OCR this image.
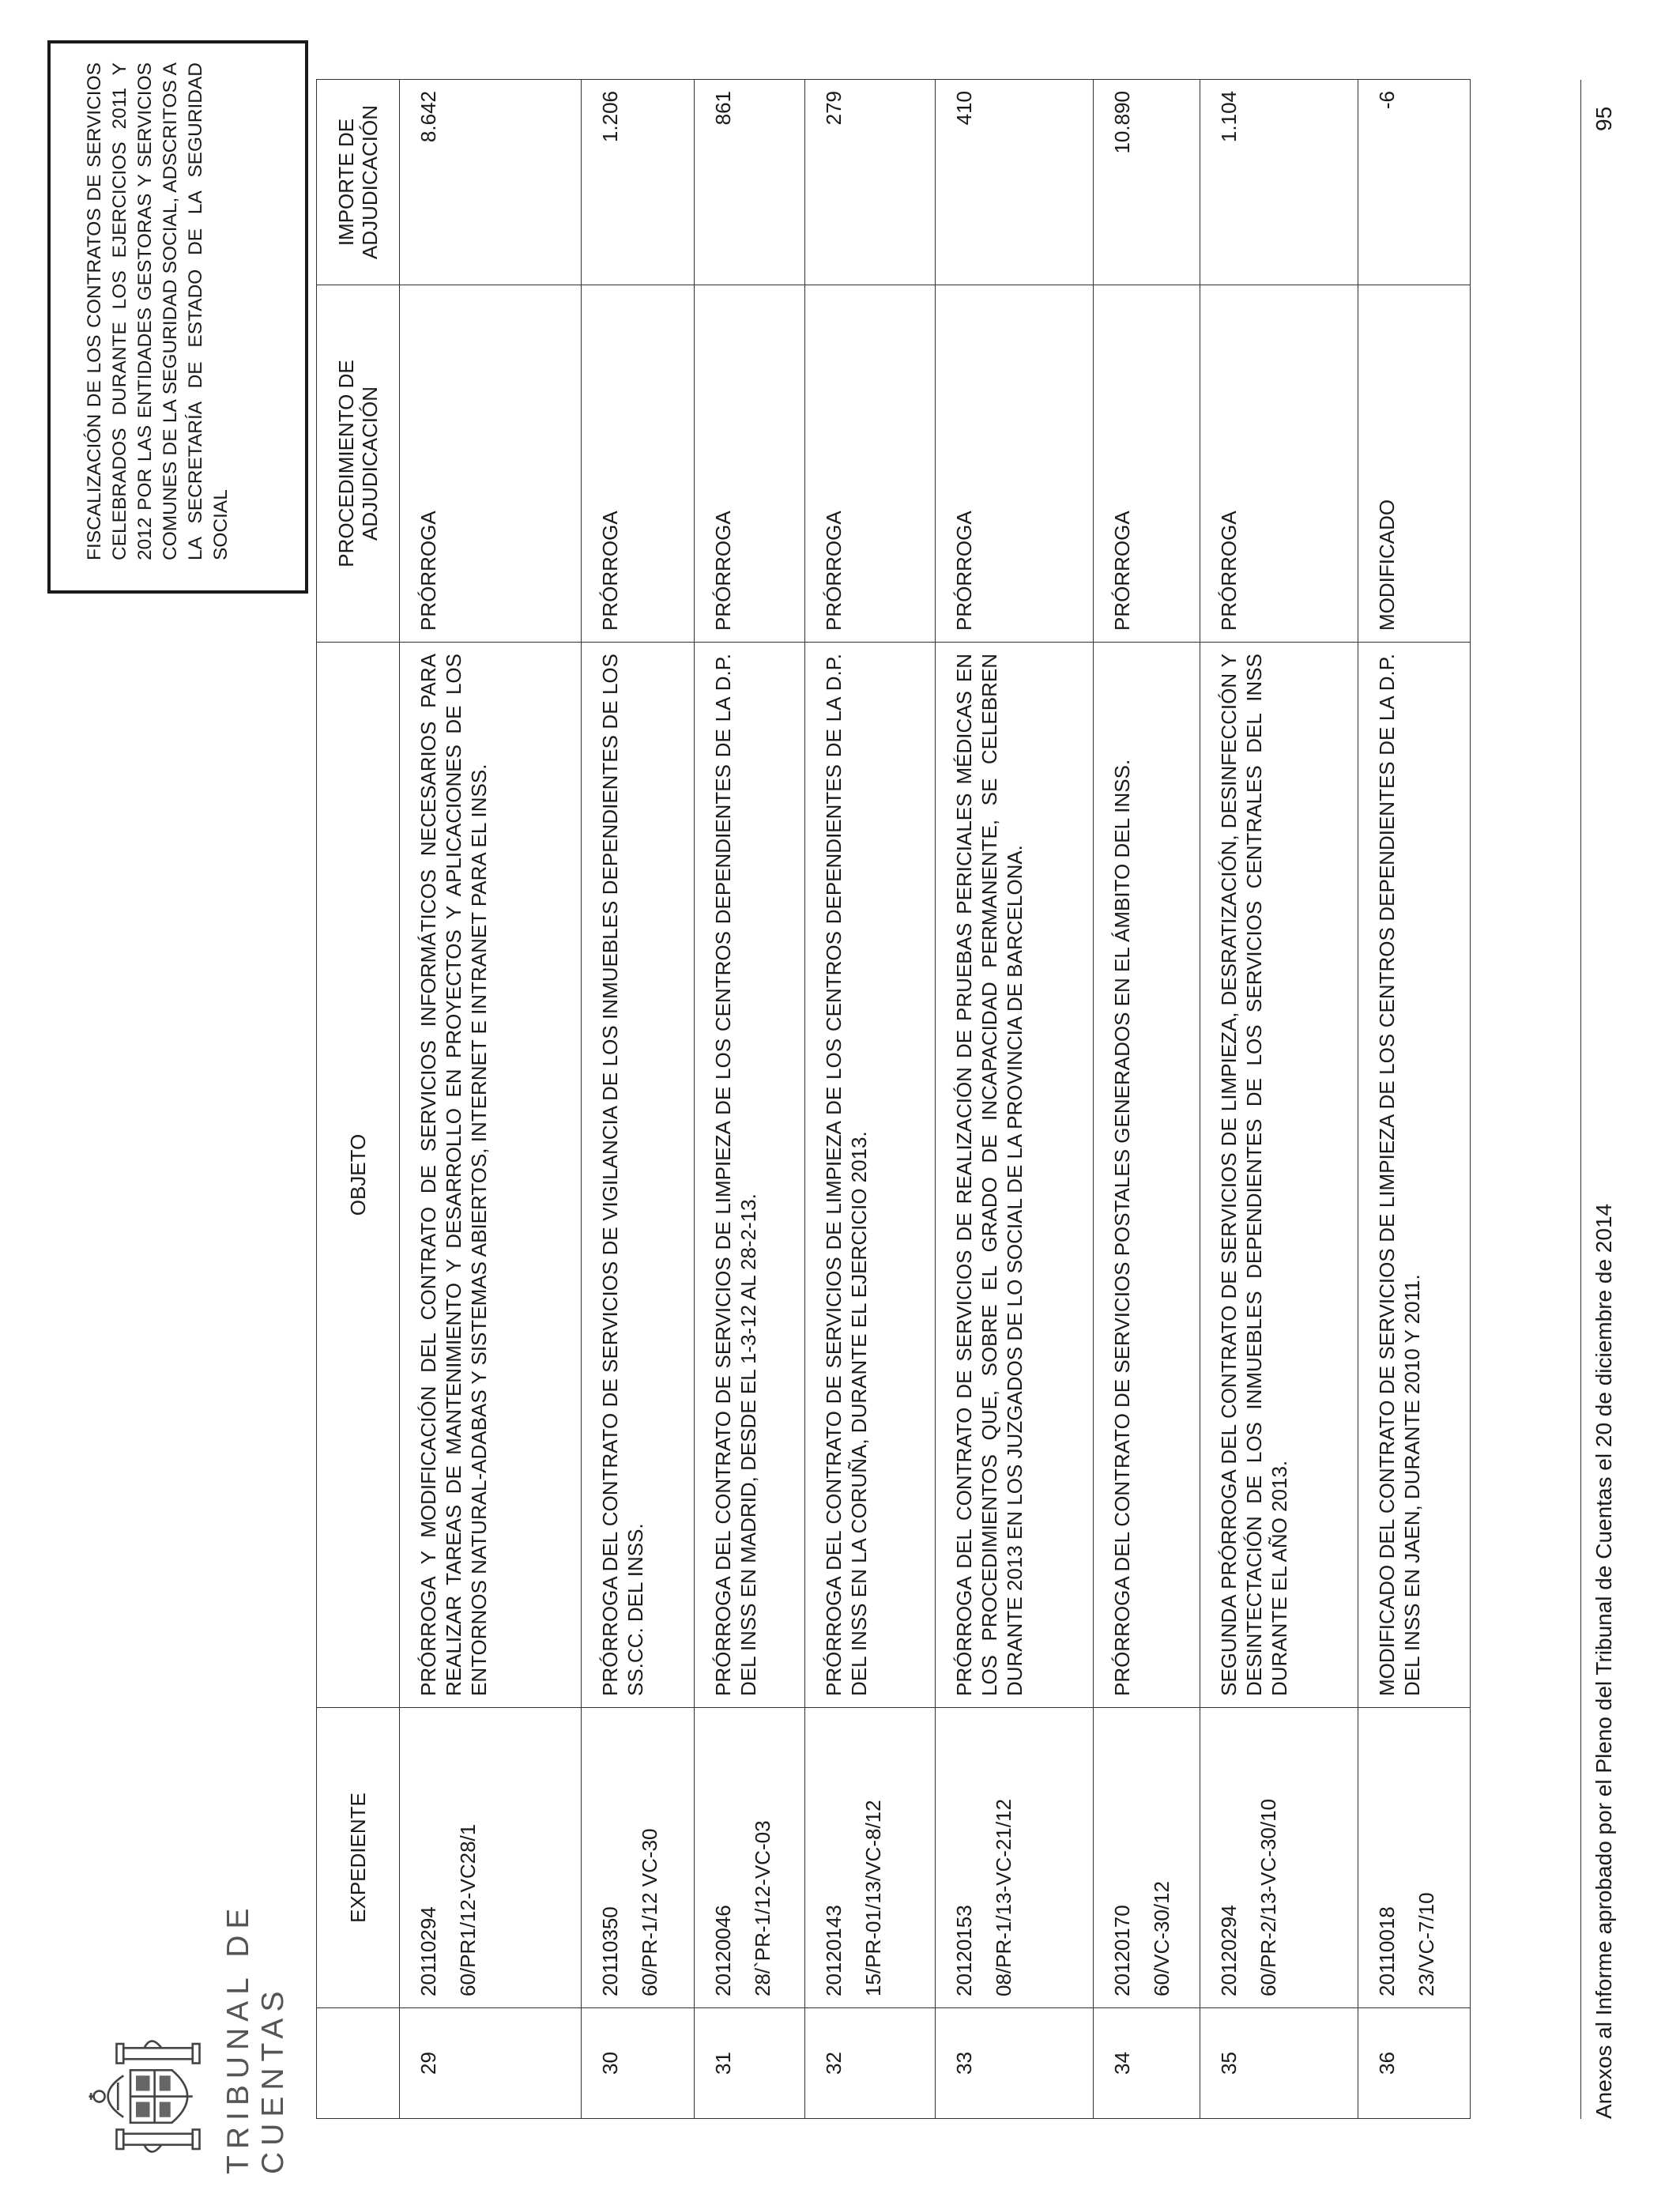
TRIBUNAL DE CUENTAS
FISCALIZACIÓN DE LOS CONTRATOS DE SERVICIOS CELEBRADOS DURANTE LOS EJERCICIOS 2011 Y 2012 POR LAS ENTIDADES GESTORAS Y SERVICIOS COMUNES DE LA SEGURIDAD SOCIAL, ADSCRITOS A LA SECRETARÍA DE ESTADO DE LA SEGURIDAD SOCIAL
	EXPEDIENTE	OBJETO	PROCEDIMIENTO DE ADJUDICACIÓN	IMPORTE DE ADJUDICACIÓN
29	20110294 60/PR1/12-VC28/1	PRÓRROGA Y MODIFICACIÓN DEL CONTRATO DE SERVICIOS INFORMÁTICOS NECESARIOS PARA REALIZAR TAREAS DE MANTENIMIENTO Y DESARROLLO EN PROYECTOS Y APLICACIONES DE LOS ENTORNOS NATURAL-ADABAS Y SISTEMAS ABIERTOS, INTERNET E INTRANET PARA EL INSS.	PRÓRROGA	8.642
30	20110350 60/PR-1/12 VC-30	PRÓRROGA DEL CONTRATO DE SERVICIOS DE VIGILANCIA DE LOS INMUEBLES DEPENDIENTES DE LOS SS.CC. DEL INSS.	PRÓRROGA	1.206
31	20120046 28/`PR-1/12-VC-03	PRÓRROGA DEL CONTRATO DE SERVICIOS DE LIMPIEZA DE LOS CENTROS DEPENDIENTES DE LA D.P. DEL INSS EN MADRID, DESDE EL 1-3-12 AL 28-2-13.	PRÓRROGA	861
32	20120143 15/PR-01/13/VC-8/12	PRÓRROGA DEL CONTRATO DE SERVICIOS DE LIMPIEZA DE LOS CENTROS DEPENDIENTES DE LA D.P. DEL INSS EN LA CORUÑA, DURANTE EL EJERCICIO 2013.	PRÓRROGA	279
33	20120153 08/PR-1/13-VC-21/12	PRÓRROGA DEL CONTRATO DE SERVICIOS DE REALIZACIÓN DE PRUEBAS PERICIALES MÉDICAS EN LOS PROCEDIMIENTOS QUE, SOBRE EL GRADO DE INCAPACIDAD PERMANENTE, SE CELEBREN DURANTE 2013 EN LOS JUZGADOS DE LO SOCIAL DE LA PROVINCIA DE BARCELONA.	PRÓRROGA	410
34	20120170 60/VC-30/12	PRÓRROGA DEL CONTRATO DE SERVICIOS POSTALES GENERADOS EN EL ÁMBITO DEL INSS.	PRÓRROGA	10.890
35	20120294 60/PR-2/13-VC-30/10	SEGUNDA PRÓRROGA DEL CONTRATO DE SERVICIOS DE LIMPIEZA, DESRATIZACIÓN, DESINFECCIÓN Y DESINTECTACIÓN DE LOS INMUEBLES DEPENDIENTES DE LOS SERVICIOS CENTRALES DEL INSS DURANTE EL AÑO 2013.	PRÓRROGA	1.104
36	20110018 23/VC-7/10	MODIFICADO DEL CONTRATO DE SERVICIOS DE LIMPIEZA DE LOS CENTROS DEPENDIENTES DE LA D.P. DEL INSS EN JAEN, DURANTE 2010 Y 2011.	MODIFICADO	-6
Anexos al Informe aprobado por el Pleno del Tribunal de Cuentas el 20 de diciembre de 2014
95
